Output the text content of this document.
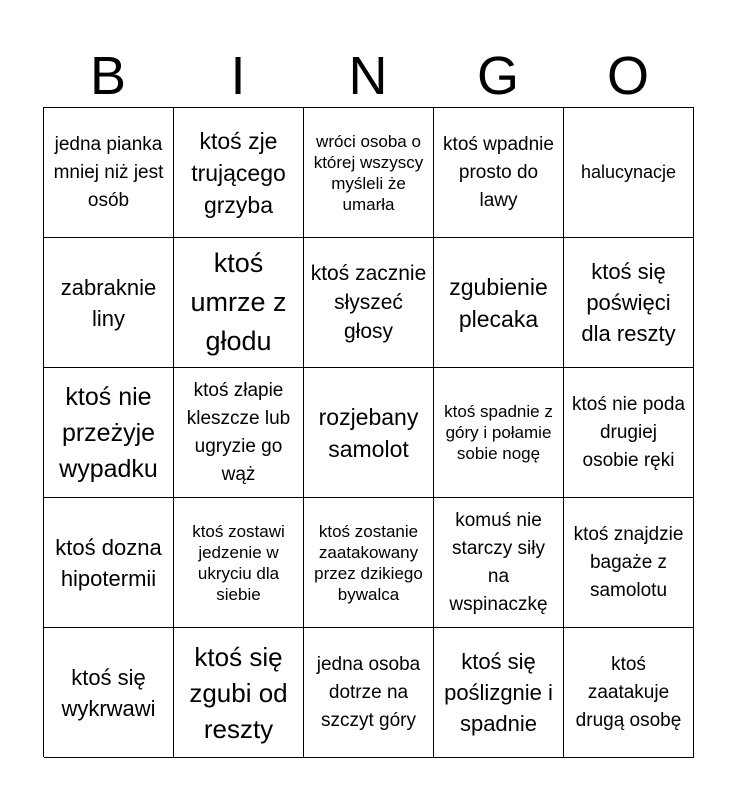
B	I	N	G	O
jedna pianka mniej niż jest osób
ktoś zje trującego grzyba
wróci osoba o której wszyscy myśleli że umarła
ktoś wpadnie prosto do lawy
halucynacje
zabraknie liny
ktoś umrze z głodu
ktoś zacznie słyszeć głosy
zgubienie plecaka
ktoś się poświęci dla reszty
ktoś nie przeżyje wypadku
ktoś złapie kleszcze lub ugryzie go wąż
rozjebany samolot
ktoś spadnie z góry i połamie sobie nogę
ktoś nie poda drugiej osobie ręki
ktoś dozna hipotermii
ktoś zostawi jedzenie w ukryciu dla siebie
ktoś zostanie zaatakowany przez dzikiego bywalca
komuś nie starczy siły na wspinaczkę
ktoś znajdzie bagaże z samolotu
ktoś się wykrwawi
ktoś się zgubi od reszty
jedna osoba dotrze na szczyt góry
ktoś się poślizgnie i spadnie
ktoś zaatakuje drugą osobę
